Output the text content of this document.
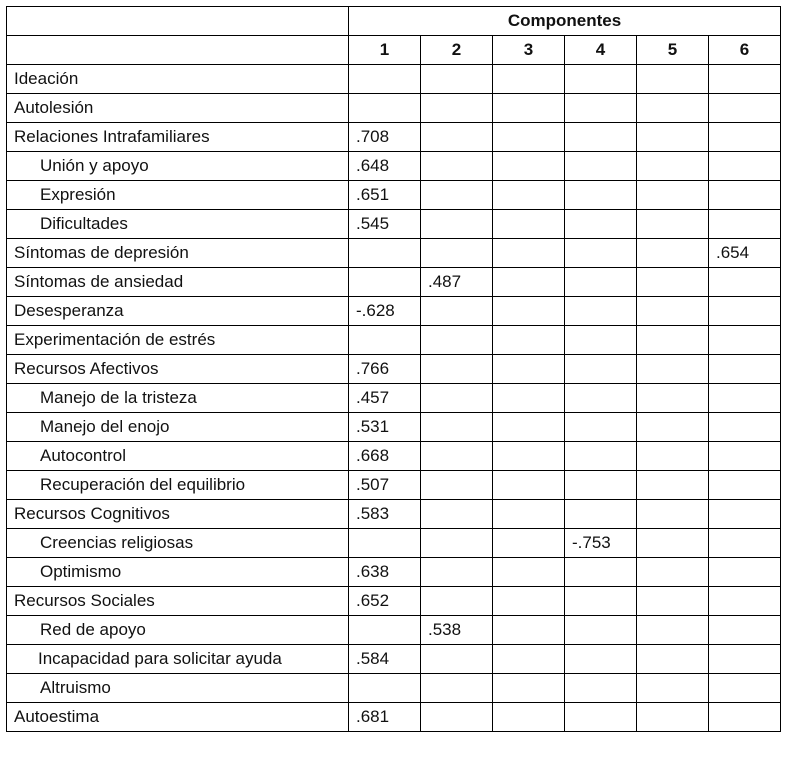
	Componentes					
	1	2	3	4	5	6
Ideación						
Autolesión						
Relaciones Intrafamiliares	.708					
Unión y apoyo	.648					
Expresión	.651					
Dificultades	.545					
Síntomas de depresión						.654
Síntomas de ansiedad		.487				
Desesperanza	-.628					
Experimentación de estrés						
Recursos Afectivos	.766					
Manejo de la tristeza	.457					
Manejo del enojo	.531					
Autocontrol	.668					
Recuperación del equilibrio	.507					
Recursos Cognitivos	.583					
Creencias religiosas				-.753		
Optimismo	.638					
Recursos Sociales	.652					
Red de apoyo		.538				
Incapacidad para solicitar ayuda	.584					
Altruismo						
Autoestima	.681					
